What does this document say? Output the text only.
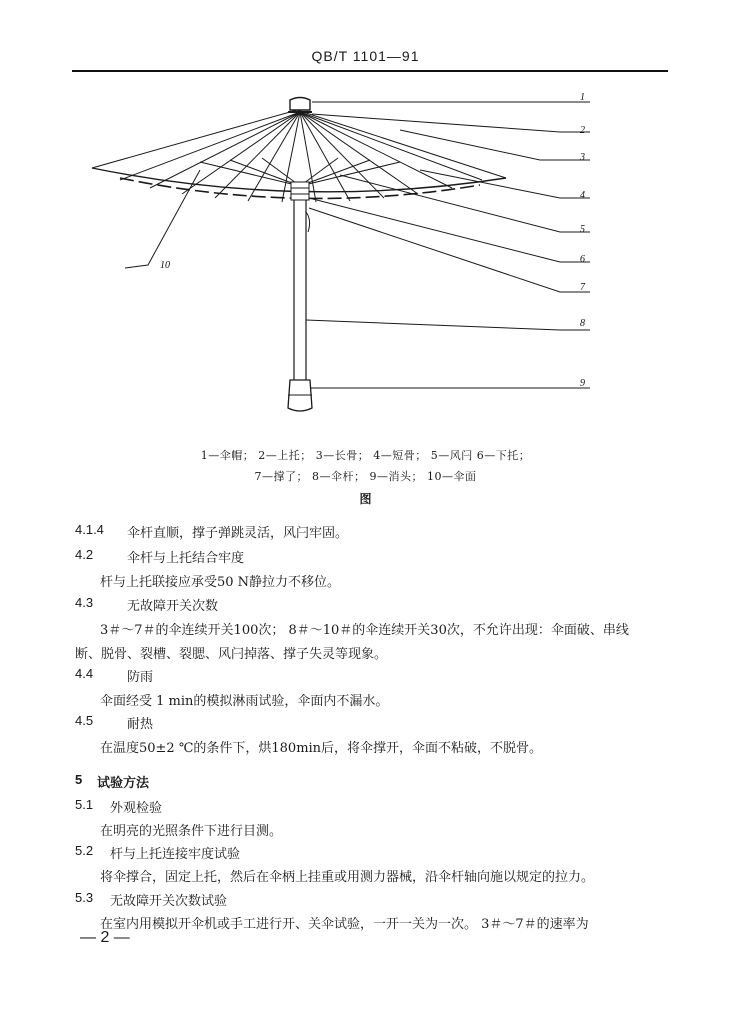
QB/T 1101—91
1
2
3
4
5
6
7
8
9
10
1—伞帽； 2—上托； 3—长骨； 4—短骨； 5—风闩 6—下托；
7—撑了； 8—伞杆； 9—消头； 10—伞面
图
4.1.4 伞杆直顺，撑子弹跳灵活，风闩牢固。
4.2	伞杆与上托结合牢度
杆与上托联接应承受50 N静拉力不移位。
4.3	无故障开关次数
3＃～7＃的伞连续开关100次； 8＃～10＃的伞连续开关30次，不允许出现：伞面破、串线
断、脱骨、裂槽、裂腮、风闩掉落、撑子失灵等现象。
4.4	防雨
伞面经受 1 min的模拟淋雨试验，伞面内不漏水。
4.5	耐热
在温度50±2 ℃的条件下，烘180min后，将伞撑开，伞面不粘破，不脱骨。
5 试验方法
5.1 外观检验
在明亮的光照条件下进行目测。
5.2 杆与上托连接牢度试验
将伞撑合，固定上托，然后在伞柄上挂重或用测力器械，沿伞杆轴向施以规定的拉力。
5.3 无故障开关次数试验
在室内用模拟开伞机或手工进行开、关伞试验，一开一关为一次。 3＃～7＃的速率为
— 2 —
